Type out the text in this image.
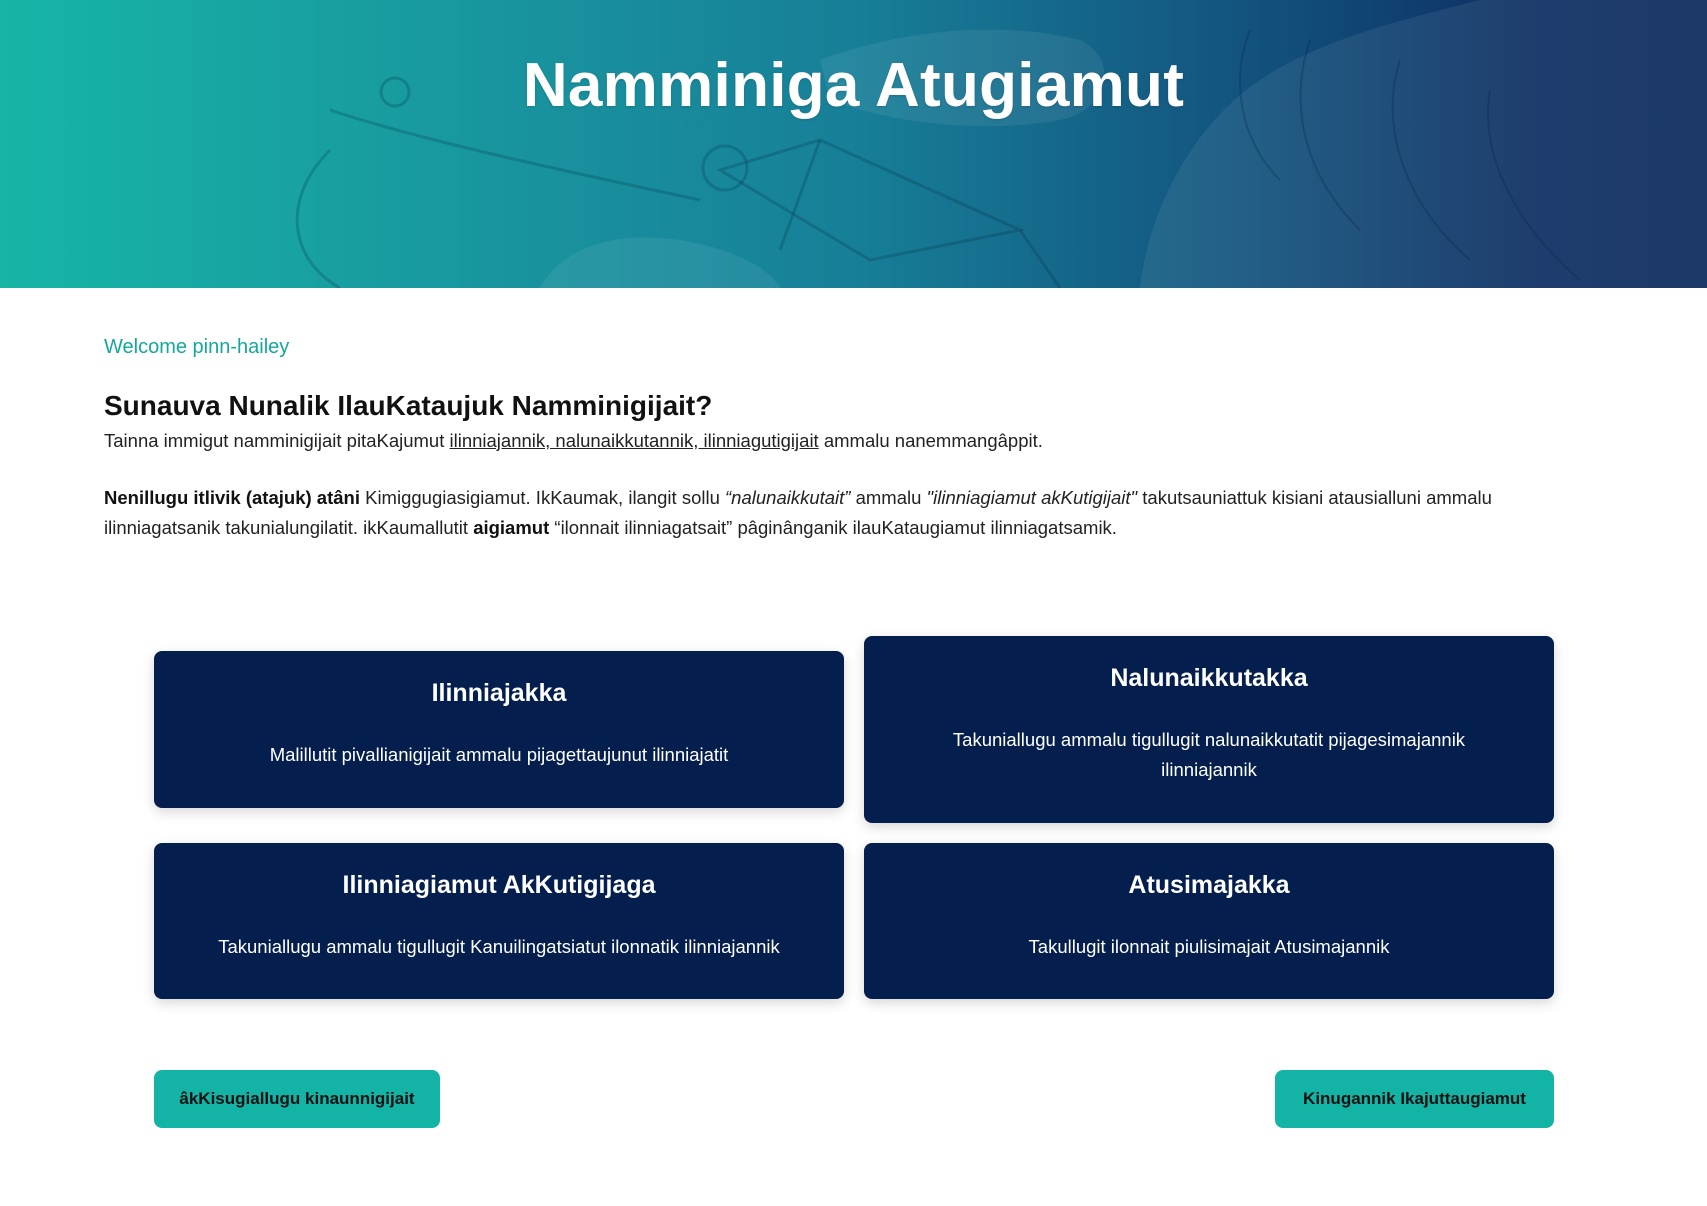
Namminiga Atugiamut
Welcome pinn-hailey
Sunauva Nunalik IlauKataujuk Namminigijait?

Tainna immigut namminigijait pitaKajumut ilinniajannik, nalunaikkutannik, ilinniagutigijait ammalu nanemmangâppit.

Nenillugu itlivik (atajuk) atâni Kimiggugiasigiamut. IkKaumak, ilangit sollu “nalunaikkutait” ammalu "ilinniagiamut akKutigijait" takutsauniattuk kisiani atausialluni ammalu ilinniagatsanik takunialungilatit. ikKaumallutit aigiamut “ilonnait ilinniagatsait” pâginânganik ilauKataugiamut ilinniagatsamik.

Ilinniajakka
Malillutit pivallianigijait ammalu pijagettaujunut ilinniajatit
Nalunaikkutakka
Takuniallugu ammalu tigullugit nalunaikkutatit pijagesimajannik ilinniajannik
Ilinniagiamut AkKutigijaga
Takuniallugu ammalu tigullugit Kanuilingatsiatut ilonnatik ilinniajannik
Atusimajakka
Takullugit ilonnait piulisimajait Atusimajannik
âkKisugiallugu kinaunnigijait	Kinugannik Ikajuttaugiamut
